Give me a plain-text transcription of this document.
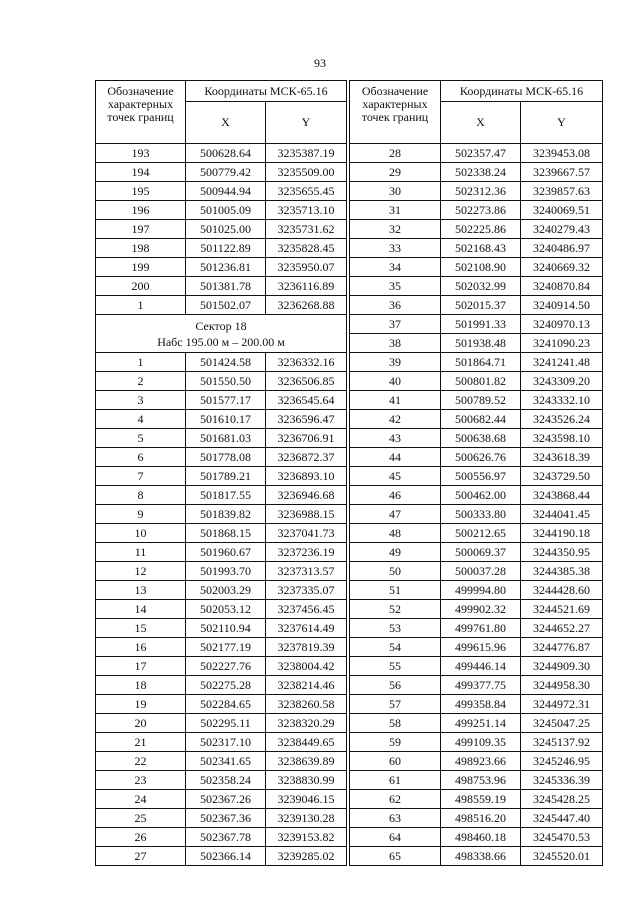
93
Обозначение
характерных
точек границ	Координаты МСК-65.16	
	X	Y
193	500628.64	3235387.19
194	500779.42	3235509.00
195	500944.94	3235655.45
196	501005.09	3235713.10
197	501025.00	3235731.62
198	501122.89	3235828.45
199	501236.81	3235950.07
200	501381.78	3236116.89
1	501502.07	3236268.88
Сектор 18
Набс 195.00 м – 200.00 м		
1	501424.58	3236332.16
2	501550.50	3236506.85
3	501577.17	3236545.64
4	501610.17	3236596.47
5	501681.03	3236706.91
6	501778.08	3236872.37
7	501789.21	3236893.10
8	501817.55	3236946.68
9	501839.82	3236988.15
10	501868.15	3237041.73
11	501960.67	3237236.19
12	501993.70	3237313.57
13	502003.29	3237335.07
14	502053.12	3237456.45
15	502110.94	3237614.49
16	502177.19	3237819.39
17	502227.76	3238004.42
18	502275.28	3238214.46
19	502284.65	3238260.58
20	502295.11	3238320.29
21	502317.10	3238449.65
22	502341.65	3238639.89
23	502358.24	3238830.99
24	502367.26	3239046.15
25	502367.36	3239130.28
26	502367.78	3239153.82
27	502366.14	3239285.02
Обозначение
характерных
точек границ	Координаты МСК-65.16	
	X	Y
28	502357.47	3239453.08
29	502338.24	3239667.57
30	502312.36	3239857.63
31	502273.86	3240069.51
32	502225.86	3240279.43
33	502168.43	3240486.97
34	502108.90	3240669.32
35	502032.99	3240870.84
36	502015.37	3240914.50
37	501991.33	3240970.13
38	501938.48	3241090.23
39	501864.71	3241241.48
40	500801.82	3243309.20
41	500789.52	3243332.10
42	500682.44	3243526.24
43	500638.68	3243598.10
44	500626.76	3243618.39
45	500556.97	3243729.50
46	500462.00	3243868.44
47	500333.80	3244041.45
48	500212.65	3244190.18
49	500069.37	3244350.95
50	500037.28	3244385.38
51	499994.80	3244428.60
52	499902.32	3244521.69
53	499761.80	3244652.27
54	499615.96	3244776.87
55	499446.14	3244909.30
56	499377.75	3244958.30
57	499358.84	3244972.31
58	499251.14	3245047.25
59	499109.35	3245137.92
60	498923.66	3245246.95
61	498753.96	3245336.39
62	498559.19	3245428.25
63	498516.20	3245447.40
64	498460.18	3245470.53
65	498338.66	3245520.01
